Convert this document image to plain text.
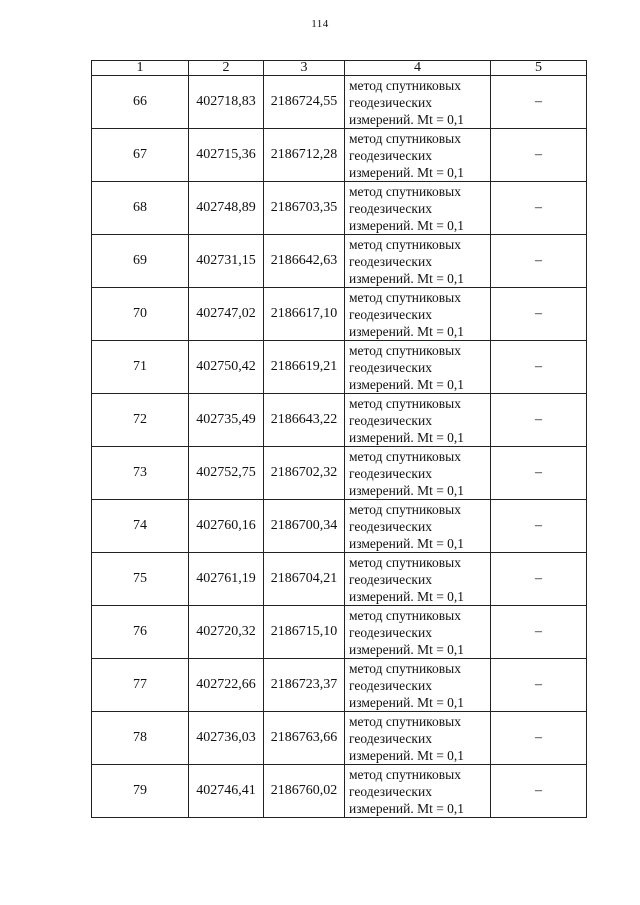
114
1	2	3	4	5
66	402718,83	2186724,55	метод спутниковых
геодезических
измерений. Mt = 0,1	–
67	402715,36	2186712,28	метод спутниковых
геодезических
измерений. Mt = 0,1	–
68	402748,89	2186703,35	метод спутниковых
геодезических
измерений. Mt = 0,1	–
69	402731,15	2186642,63	метод спутниковых
геодезических
измерений. Mt = 0,1	–
70	402747,02	2186617,10	метод спутниковых
геодезических
измерений. Mt = 0,1	–
71	402750,42	2186619,21	метод спутниковых
геодезических
измерений. Mt = 0,1	–
72	402735,49	2186643,22	метод спутниковых
геодезических
измерений. Mt = 0,1	–
73	402752,75	2186702,32	метод спутниковых
геодезических
измерений. Mt = 0,1	–
74	402760,16	2186700,34	метод спутниковых
геодезических
измерений. Mt = 0,1	–
75	402761,19	2186704,21	метод спутниковых
геодезических
измерений. Mt = 0,1	–
76	402720,32	2186715,10	метод спутниковых
геодезических
измерений. Mt = 0,1	–
77	402722,66	2186723,37	метод спутниковых
геодезических
измерений. Mt = 0,1	–
78	402736,03	2186763,66	метод спутниковых
геодезических
измерений. Mt = 0,1	–
79	402746,41	2186760,02	метод спутниковых
геодезических
измерений. Mt = 0,1	–
